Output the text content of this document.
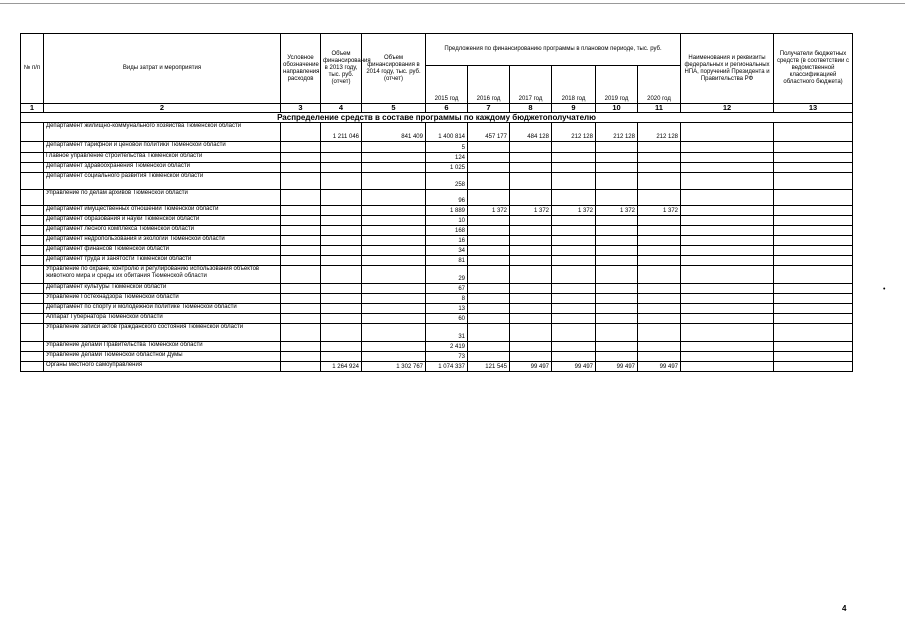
№ п/п	Виды затрат и мероприятия	Условное обозначение направления расходов	Объем финансирования в 2013 году, тыс. руб. (отчет)	Объем финансирования в 2014 году, тыс. руб. (отчет)	Предложения по финансированию программы в плановом периоде, тыс. руб.						Наименования и реквизиты федеральных и региональных НПА, поручений Президента и Правительства РФ	Получатели бюджетных средств (в соответствии с ведомственной классификацией областного бюджета)
					2015 год	2016 год	2017 год	2018 год	2019 год	2020 год		
1	2	3	4	5	6	7	8	9	10	11	12	13
Распределение средств в составе программы по каждому бюджетополучателю												
	Департамент жилищно-коммунального хозяйства Тюменской области		1 211 046	841 409	1 400 814	457 177	484 128	212 128	212 128	212 128		
	Департамент тарифной и ценовой политики Тюменской области				5							
	Главное управление строительства Тюменской области				124							
	Департамент здравоохранения Тюменской области				1 025							
	Департамент социального развития Тюменской области				258							
	Управление по делам архивов Тюменской области				96							
	Департамент имущественных отношений Тюменской области				1 889	1 372	1 372	1 372	1 372	1 372		
	Департамент образования и науки Тюменской области				10							
	Департамент лесного комплекса Тюменской области				168							
	Департамент недропользования и экологии Тюменской области				16							
	Департамент финансов Тюменской области				34							
	Департамент труда и занятости Тюменской области				81							
	Управление по охране, контролю и регулированию использования объектов животного мира и среды их обитания Тюменской области				29							
	Департамент культуры Тюменской области				67							
	Управление Гостехнадзора Тюменской области				8							
	Департамент по спорту и молодежной политике Тюменской области				13							
	Аппарат Губернатора Тюменской области				60							
	Управление записи актов гражданского состояния Тюменской области				31							
	Управление делами Правительства Тюменской области				2 419							
	Управление делами Тюменской областной Думы				73							
	Органы местного самоуправления		1 264 924	1 302 767	1 074 337	121 545	99 497	99 497	99 497	99 497		
•
4
